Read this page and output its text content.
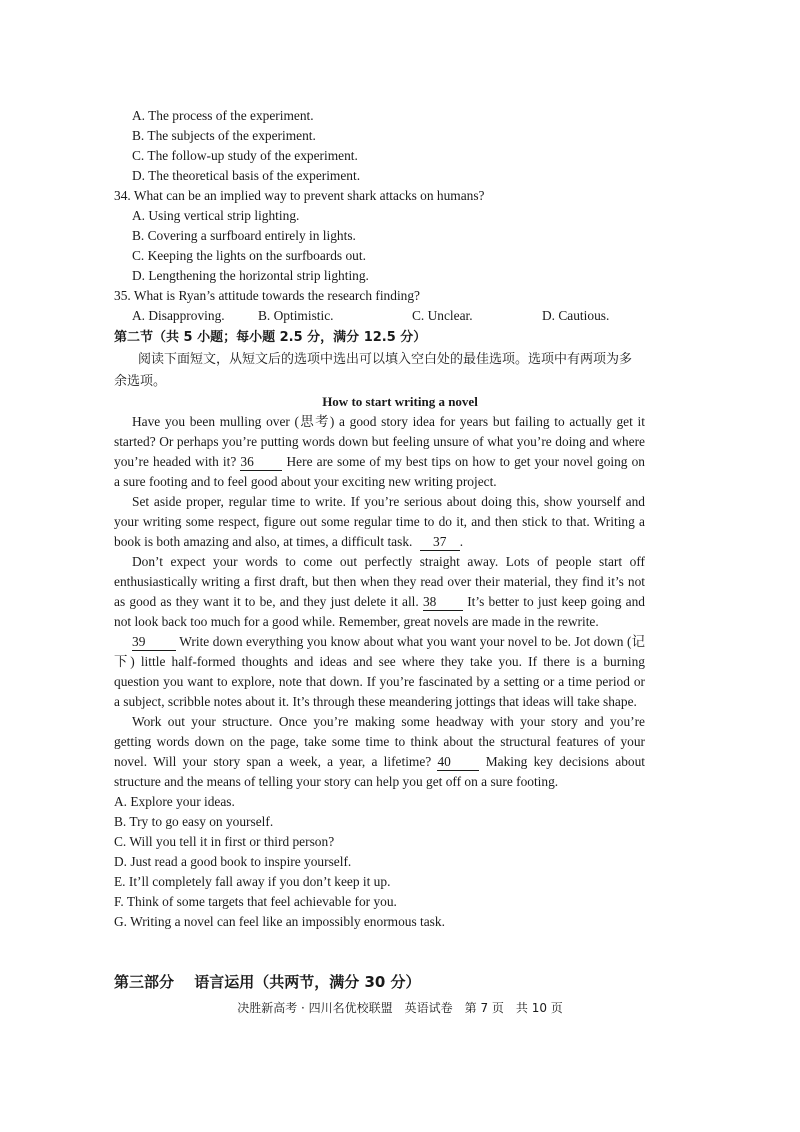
A. The process of the experiment.
B. The subjects of the experiment.
C. The follow-up study of the experiment.
D. The theoretical basis of the experiment.
34. What can be an implied way to prevent shark attacks on humans?
A. Using vertical strip lighting.
B. Covering a surfboard entirely in lights.
C. Keeping the lights on the surfboards out.
D. Lengthening the horizontal strip lighting.
35. What is Ryan’s attitude towards the research finding?
A. Disapproving. B. Optimistic.	C. Unclear.	D. Cautious.
第二节（共 5 小题；每小题 2.5 分，满分 12.5 分）
阅读下面短文，从短文后的选项中选出可以填入空白处的最佳选项。选项中有两项为多
余选项。
How to start writing a novel
Have you been mulling over (思考) a good story idea for years but failing to actually get it
started? Or perhaps you’re putting words down but feeling unsure of what you’re doing and where
you’re headed with it? 36 Here are some of my best tips on how to get your novel going on
a sure footing and to feel good about your exciting new writing project.
Set aside proper, regular time to write. If you’re serious about doing this, show yourself and
your writing some respect, figure out some regular time to do it, and then stick to that. Writing a
book is both amazing and also, at times, a difficult task. 37 .
Don’t expect your words to come out perfectly straight away. Lots of people start off
enthusiastically writing a first draft, but then when they read over their material, they find it’s not
as good as they want it to be, and they just delete it all. 38 It’s better to just keep going and
not look back too much for a good while. Remember, great novels are made in the rewrite.
39	Write down everything you know about what you want your novel to be. Jot down (记
下) little half-formed thoughts and ideas and see where they take you. If there is a burning
question you want to explore, note that down. If you’re fascinated by a setting or a time period or
a subject, scribble notes about it. It’s through these meandering jottings that ideas will take shape.
Work out your structure. Once you’re making some headway with your story and you’re
getting words down on the page, take some time to think about the structural features of your
novel. Will your story span a week, a year, a lifetime? 40	Making key decisions about
structure and the means of telling your story can help you get off on a sure footing.
A. Explore your ideas.
B. Try to go easy on yourself.
C. Will you tell it in first or third person?
D. Just read a good book to inspire yourself.
E. It’ll completely fall away if you don’t keep it up.
F. Think of some targets that feel achievable for you.
G. Writing a novel can feel like an impossibly enormous task.
第三部分　 语言运用（共两节，满分 30 分）
决胜新高考 · 四川名优校联盟　英语试卷　第 7 页　共 10 页
